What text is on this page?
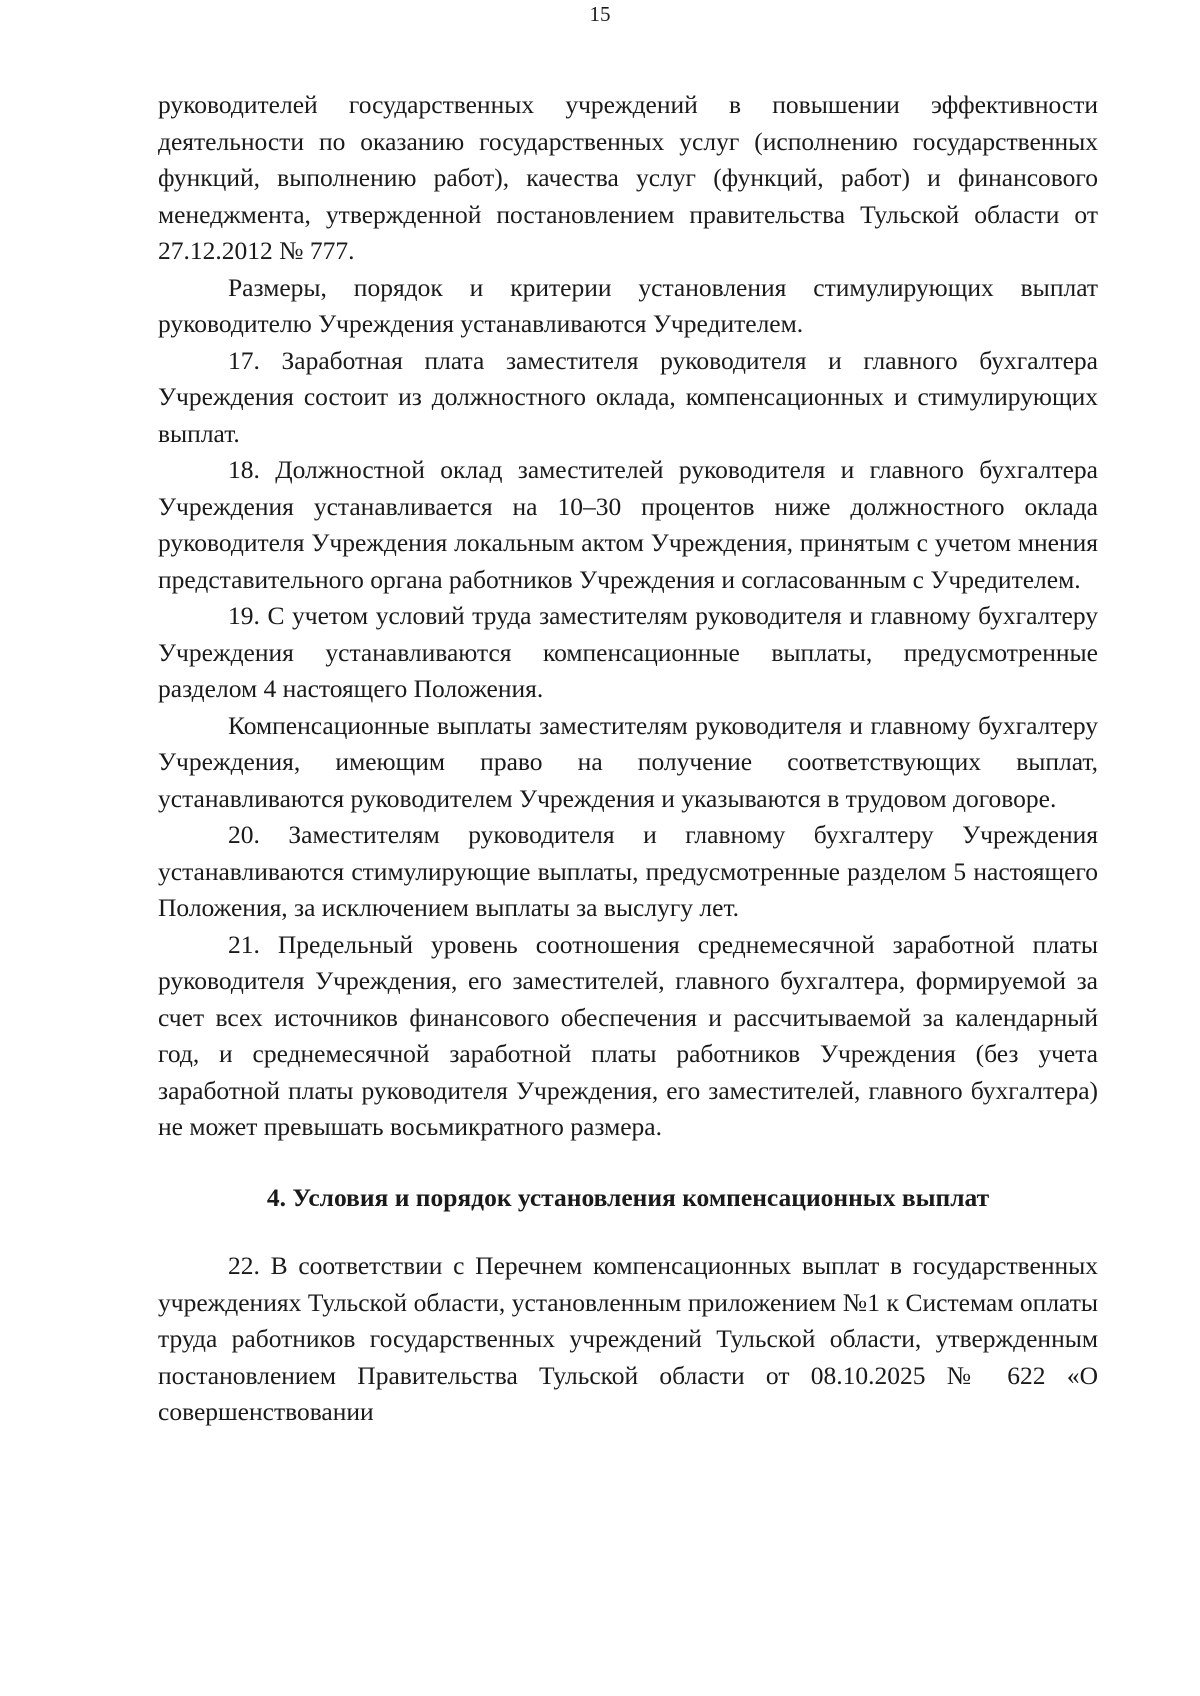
15

руководителей государственных учреждений в повышении эффективности деятельности по оказанию государственных услуг (исполнению государственных функций, выполнению работ), качества услуг (функций, работ) и финансового менеджмента, утвержденной постановлением правительства Тульской области от 27.12.2012 № 777.

Размеры, порядок и критерии установления стимулирующих выплат руководителю Учреждения устанавливаются Учредителем.

17. Заработная плата заместителя руководителя и главного бухгалтера Учреждения состоит из должностного оклада, компенсационных и стимулирующих выплат.

18. Должностной оклад заместителей руководителя и главного бухгалтера Учреждения устанавливается на 10–30 процентов ниже должностного оклада руководителя Учреждения локальным актом Учреждения, принятым с учетом мнения представительного органа работников Учреждения и согласованным с Учредителем.

19. С учетом условий труда заместителям руководителя и главному бухгалтеру Учреждения устанавливаются компенсационные выплаты, предусмотренные разделом 4 настоящего Положения.

Компенсационные выплаты заместителям руководителя и главному бухгалтеру Учреждения, имеющим право на получение соответствующих выплат, устанавливаются руководителем Учреждения и указываются в трудовом договоре.

20. Заместителям руководителя и главному бухгалтеру Учреждения устанавливаются стимулирующие выплаты, предусмотренные разделом 5 настоящего Положения, за исключением выплаты за выслугу лет.

21. Предельный уровень соотношения среднемесячной заработной платы руководителя Учреждения, его заместителей, главного бухгалтера, формируемой за счет всех источников финансового обеспечения и рассчитываемой за календарный год, и среднемесячной заработной платы работников Учреждения (без учета заработной платы руководителя Учреждения, его заместителей, главного бухгалтера) не может превышать восьмикратного размера.

4. Условия и порядок установления компенсационных выплат

22. В соответствии с Перечнем компенсационных выплат в государственных учреждениях Тульской области, установленным приложением №1 к Системам оплаты труда работников государственных учреждений Тульской области, утвержденным постановлением Правительства Тульской области от 08.10.2025 № 622 «О совершенствовании
